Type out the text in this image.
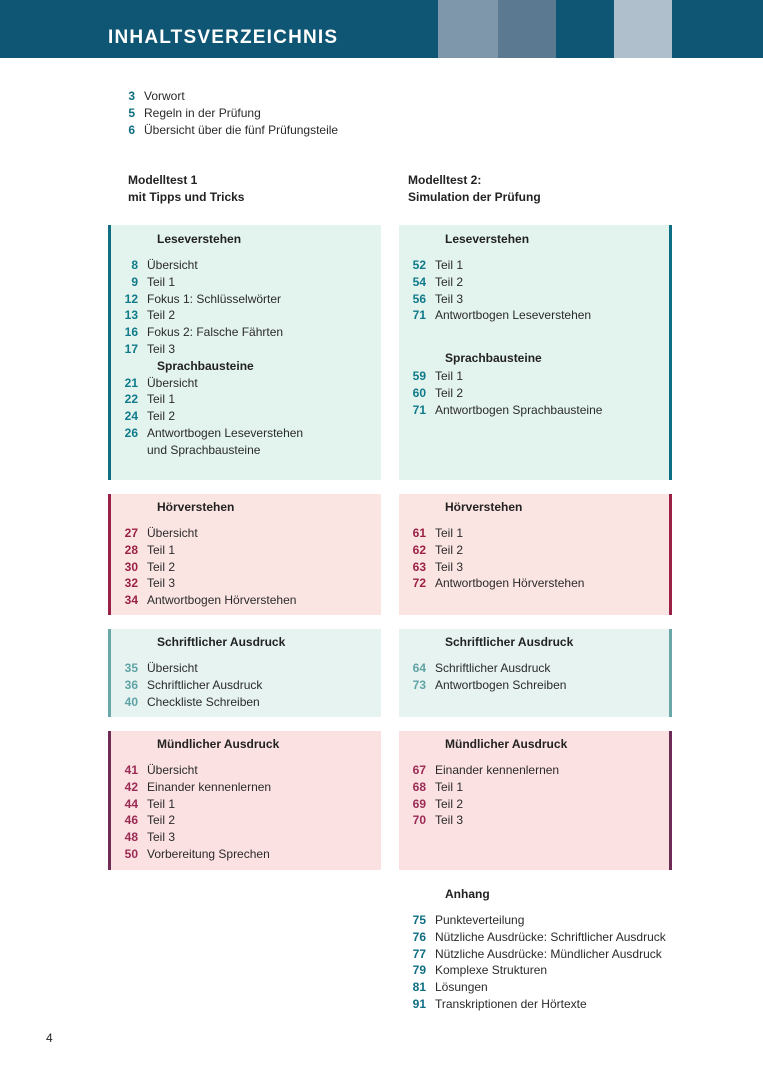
INHALTSVERZEICHNIS
3 Vorwort
5 Regeln in der Prüfung
6 Übersicht über die fünf Prüfungsteile
Modelltest 1
mit Tipps und Tricks
Modelltest 2:
Simulation der Prüfung
Leseverstehen
8 Übersicht
9 Teil 1
12 Fokus 1: Schlüsselwörter
13 Teil 2
16 Fokus 2: Falsche Fährten
17 Teil 3
Sprachbausteine
21 Übersicht
22 Teil 1
24 Teil 2
26 Antwortbogen Leseverstehen
und Sprachbausteine
Leseverstehen
52 Teil 1
54 Teil 2
56 Teil 3
71 Antwortbogen Leseverstehen
Sprachbausteine
59 Teil 1
60 Teil 2
71 Antwortbogen Sprachbausteine
Hörverstehen
27 Übersicht
28 Teil 1
30 Teil 2
32 Teil 3
34 Antwortbogen Hörverstehen
Hörverstehen
61 Teil 1
62 Teil 2
63 Teil 3
72 Antwortbogen Hörverstehen
Schriftlicher Ausdruck
35 Übersicht
36 Schriftlicher Ausdruck
40 Checkliste Schreiben
Schriftlicher Ausdruck
64 Schriftlicher Ausdruck
73 Antwortbogen Schreiben
Mündlicher Ausdruck
41 Übersicht
42 Einander kennenlernen
44 Teil 1
46 Teil 2
48 Teil 3
50 Vorbereitung Sprechen
Mündlicher Ausdruck
67 Einander kennenlernen
68 Teil 1
69 Teil 2
70 Teil 3
Anhang
75 Punkteverteilung
76 Nützliche Ausdrücke: Schriftlicher Ausdruck
77 Nützliche Ausdrücke: Mündlicher Ausdruck
79 Komplexe Strukturen
81 Lösungen
91 Transkriptionen der Hörtexte
4
